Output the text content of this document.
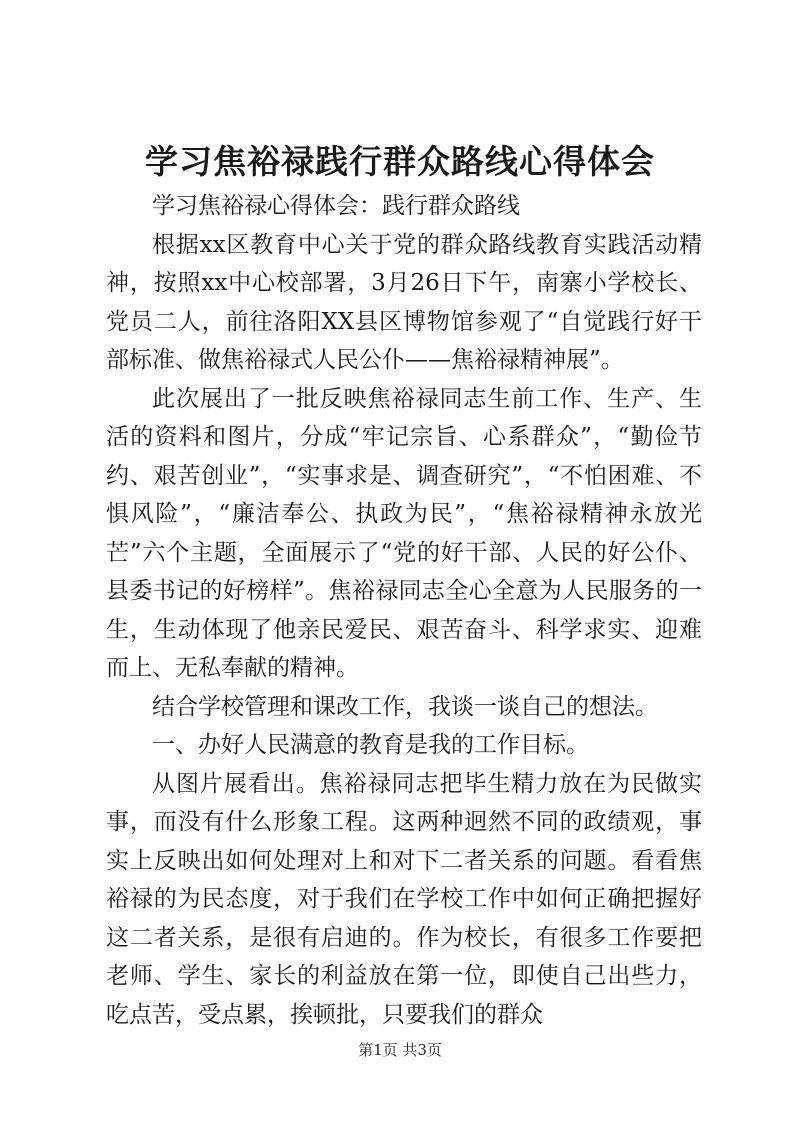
学习焦裕禄践行群众路线心得体会

学习焦裕禄心得体会：践行群众路线

根据xx区教育中心关于党的群众路线教育实践活动精神，按照xx中心校部署，3月26日下午，南寨小学校长、党员二人，前往洛阳XX县区博物馆参观了“自觉践行好干部标准、做焦裕禄式人民公仆——焦裕禄精神展”。

此次展出了一批反映焦裕禄同志生前工作、生产、生活的资料和图片，分成“牢记宗旨、心系群众”，“勤俭节约、艰苦创业”，“实事求是、调查研究”，“不怕困难、不惧风险”，“廉洁奉公、执政为民”，“焦裕禄精神永放光芒”六个主题，全面展示了“党的好干部、人民的好公仆、县委书记的好榜样”。焦裕禄同志全心全意为人民服务的一生，生动体现了他亲民爱民、艰苦奋斗、科学求实、迎难而上、无私奉献的精神。

结合学校管理和课改工作，我谈一谈自己的想法。

一、办好人民满意的教育是我的工作目标。

从图片展看出。焦裕禄同志把毕生精力放在为民做实事，而没有什么形象工程。这两种迥然不同的政绩观，事实上反映出如何处理对上和对下二者关系的问题。看看焦裕禄的为民态度，对于我们在学校工作中如何正确把握好这二者关系，是很有启迪的。作为校长，有很多工作要把老师、学生、家长的利益放在第一位，即使自己出些力，吃点苦，受点累，挨顿批，只要我们的群众

第1页 共3页
